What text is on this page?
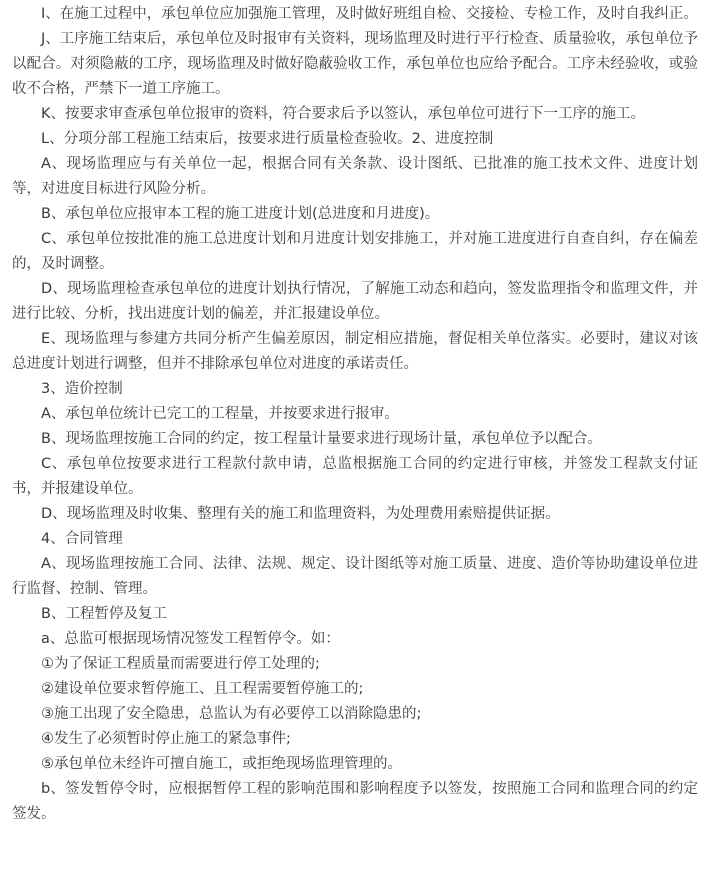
I、在施工过程中，承包单位应加强施工管理，及时做好班组自检、交接检、专检工作，及时自我纠正。

J、工序施工结束后，承包单位及时报审有关资料，现场监理及时进行平行检查、质量验收，承包单位予以配合。对须隐蔽的工序，现场监理及时做好隐蔽验收工作，承包单位也应给予配合。工序未经验收，或验收不合格，严禁下一道工序施工。

K、按要求审查承包单位报审的资料，符合要求后予以签认，承包单位可进行下一工序的施工。

L、分项分部工程施工结束后，按要求进行质量检查验收。2、进度控制

A、现场监理应与有关单位一起，根据合同有关条款、设计图纸、已批准的施工技术文件、进度计划等，对进度目标进行风险分析。

B、承包单位应报审本工程的施工进度计划(总进度和月进度)。

C、承包单位按批准的施工总进度计划和月进度计划安排施工，并对施工进度进行自查自纠，存在偏差的，及时调整。

D、现场监理检查承包单位的进度计划执行情况，了解施工动态和趋向，签发监理指令和监理文件，并进行比较、分析，找出进度计划的偏差，并汇报建设单位。

E、现场监理与参建方共同分析产生偏差原因，制定相应措施，督促相关单位落实。必要时，建议对该总进度计划进行调整，但并不排除承包单位对进度的承诺责任。

3、造价控制

A、承包单位统计已完工的工程量，并按要求进行报审。

B、现场监理按施工合同的约定，按工程量计量要求进行现场计量，承包单位予以配合。

C、承包单位按要求进行工程款付款申请，总监根据施工合同的约定进行审核，并签发工程款支付证书，并报建设单位。

D、现场监理及时收集、整理有关的施工和监理资料，为处理费用索赔提供证据。

4、合同管理

A、现场监理按施工合同、法律、法规、规定、设计图纸等对施工质量、进度、造价等协助建设单位进行监督、控制、管理。

B、工程暂停及复工

a、总监可根据现场情况签发工程暂停令。如：

①为了保证工程质量而需要进行停工处理的;

②建设单位要求暂停施工、且工程需要暂停施工的;

③施工出现了安全隐患，总监认为有必要停工以消除隐患的;

④发生了必须暂时停止施工的紧急事件;

⑤承包单位未经许可擅自施工，或拒绝现场监理管理的。

b、签发暂停令时，应根据暂停工程的影响范围和影响程度予以签发，按照施工合同和监理合同的约定签发。
